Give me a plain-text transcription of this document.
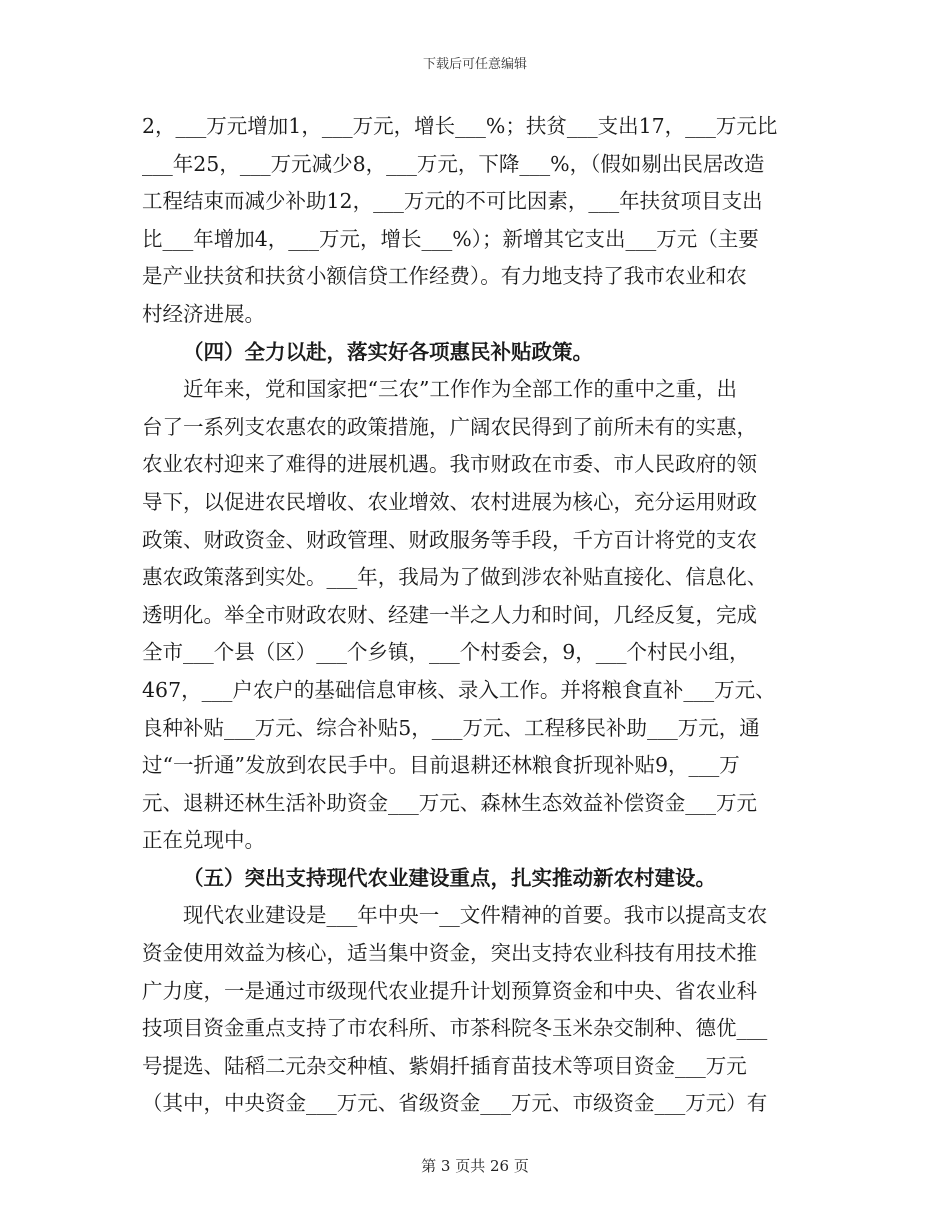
下载后可任意编辑
2，___万元增加1，___万元，增长___%；扶贫___支出17，___万元比
___年25，___万元减少8，___万元，下降___%，（假如剔出民居改造
工程结束而减少补助12，___万元的不可比因素，___年扶贫项目支出
比___年增加4，___万元，增长___%）；新增其它支出___万元（主要
是产业扶贫和扶贫小额信贷工作经费）。有力地支持了我市农业和农
村经济进展。
（四）全力以赴，落实好各项惠民补贴政策。
近年来，党和国家把“三农”工作作为全部工作的重中之重，出
台了一系列支农惠农的政策措施，广阔农民得到了前所未有的实惠，
农业农村迎来了难得的进展机遇。我市财政在市委、市人民政府的领
导下，以促进农民增收、农业增效、农村进展为核心，充分运用财政
政策、财政资金、财政管理、财政服务等手段，千方百计将党的支农
惠农政策落到实处。___年，我局为了做到涉农补贴直接化、信息化、
透明化。举全市财政农财、经建一半之人力和时间，几经反复，完成
全市___个县（区）___个乡镇，___个村委会，9，___个村民小组，
467，___户农户的基础信息审核、录入工作。并将粮食直补___万元、
良种补贴___万元、综合补贴5，___万元、工程移民补助___万元，通
过“一折通”发放到农民手中。目前退耕还林粮食折现补贴9，___万
元、退耕还林生活补助资金___万元、森林生态效益补偿资金___万元
正在兑现中。
（五）突出支持现代农业建设重点，扎实推动新农村建设。
现代农业建设是___年中央一__文件精神的首要。我市以提高支农
资金使用效益为核心，适当集中资金，突出支持农业科技有用技术推
广力度，一是通过市级现代农业提升计划预算资金和中央、省农业科
技项目资金重点支持了市农科所、市茶科院冬玉米杂交制种、德优___
号提选、陆稻二元杂交种植、紫娟扦插育苗技术等项目资金___万元
（其中，中央资金___万元、省级资金___万元、市级资金___万元）有
第 3 页共 26 页
